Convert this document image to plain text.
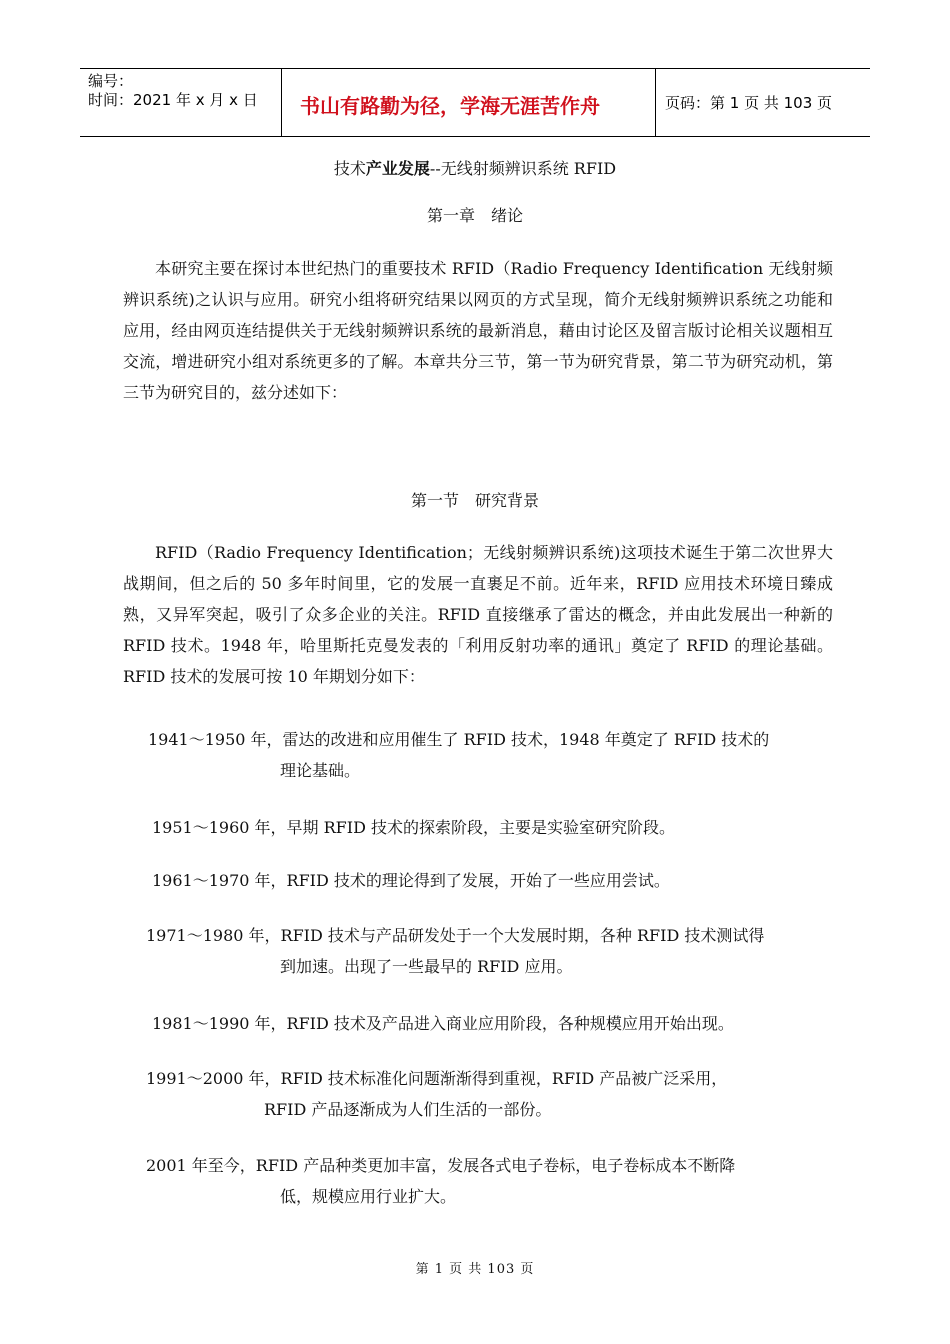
编号：
时间：2021 年 x 月 x 日 书山有路勤为径，学海无涯苦作舟	页码：第 1 页 共 103 页
技术产业发展--无线射频辨识系统 RFID
第一章　绪论
本研究主要在探讨本世纪热门的重要技术 RFID（Radio Frequency Identification 无线射频辨识系统)之认识与应用。研究小组将研究结果以网页的方式呈现，简介无线射频辨识系统之功能和应用，经由网页连结提供关于无线射频辨识系统的最新消息，藉由讨论区及留言版讨论相关议题相互交流，增进研究小组对系统更多的了解。本章共分三节，第一节为研究背景，第二节为研究动机，第三节为研究目的，兹分述如下：
第一节　研究背景
RFID（Radio Frequency Identification；无线射频辨识系统)这项技术诞生于第二次世界大战期间，但之后的 50 多年时间里，它的发展一直裹足不前。近年来，RFID 应用技术环境日臻成熟，又异军突起，吸引了众多企业的关注。RFID 直接继承了雷达的概念，并由此发展出一种新的 RFID 技术。1948 年，哈里斯托克曼发表的「利用反射功率的通讯」奠定了 RFID 的理论基础。RFID 技术的发展可按 10 年期划分如下：
1941～1950 年，雷达的改进和应用催生了 RFID 技术，1948 年奠定了 RFID 技术的
理论基础。
1951～1960 年，早期 RFID 技术的探索阶段，主要是实验室研究阶段。
1961～1970 年，RFID 技术的理论得到了发展，开始了一些应用尝试。
1971～1980 年，RFID 技术与产品研发处于一个大发展时期，各种 RFID 技术测试得
到加速。出现了一些最早的 RFID 应用。
1981～1990 年，RFID 技术及产品进入商业应用阶段，各种规模应用开始出现。
1991～2000 年，RFID 技术标准化问题渐渐得到重视，RFID 产品被广泛采用，
RFID 产品逐渐成为人们生活的一部份。
2001 年至今，RFID 产品种类更加丰富，发展各式电子卷标，电子卷标成本不断降
低，规模应用行业扩大。
第 1 页 共 103 页
